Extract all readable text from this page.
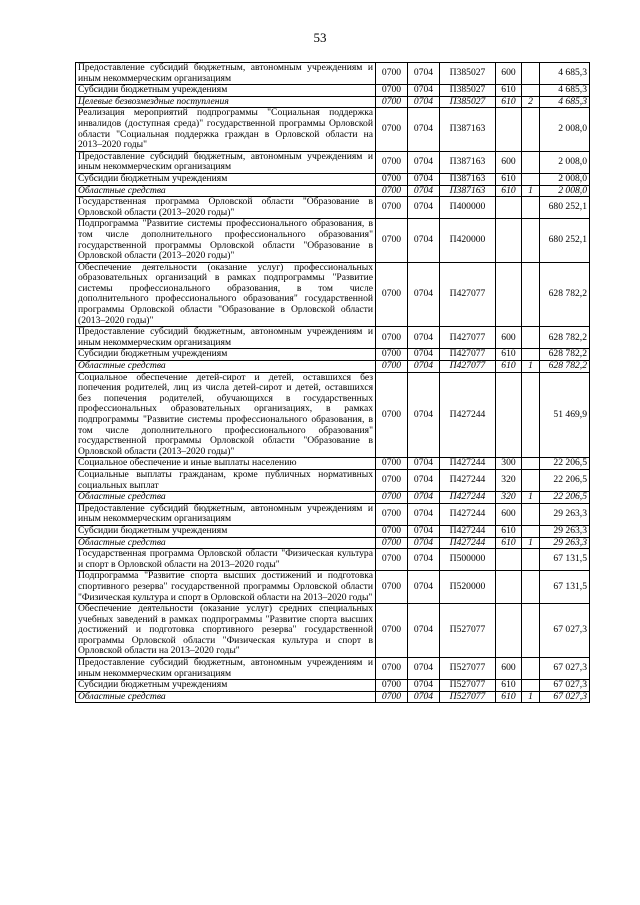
53
Предоставление субсидий бюджетным, автономным учреждениям и иным некоммерческим организациям	0700	0704	П385027	600		4 685,3
Субсидии бюджетным учреждениям	0700	0704	П385027	610		4 685,3
Целевые безвозмездные поступления	0700	0704	П385027	610	2	4 685,3
Реализация мероприятий подпрограммы "Социальная поддержка инвалидов (доступная среда)" государственной программы Орловской области "Социальная поддержка граждан в Орловской области на 2013–2020 годы"	0700	0704	П387163			2 008,0
Предоставление субсидий бюджетным, автономным учреждениям и иным некоммерческим организациям	0700	0704	П387163	600		2 008,0
Субсидии бюджетным учреждениям	0700	0704	П387163	610		2 008,0
Областные средства	0700	0704	П387163	610	1	2 008,0
Государственная программа Орловской области "Образование в Орловской области (2013–2020 годы)"	0700	0704	П400000			680 252,1
Подпрограмма "Развитие системы профессионального образования, в том числе дополнительного профессионального образования" государственной программы Орловской области "Образование в Орловской области (2013–2020 годы)"	0700	0704	П420000			680 252,1
Обеспечение деятельности (оказание услуг) профессиональных образовательных организаций в рамках подпрограммы "Развитие системы профессионального образования, в том числе дополнительного профессионального образования" государственной программы Орловской области "Образование в Орловской области (2013–2020 годы)"	0700	0704	П427077			628 782,2
Предоставление субсидий бюджетным, автономным учреждениям и иным некоммерческим организациям	0700	0704	П427077	600		628 782,2
Субсидии бюджетным учреждениям	0700	0704	П427077	610		628 782,2
Областные средства	0700	0704	П427077	610	1	628 782,2
Социальное обеспечение детей-сирот и детей, оставшихся без попечения родителей, лиц из числа детей-сирот и детей, оставшихся без попечения родителей, обучающихся в государственных профессиональных образовательных организациях, в рамках подпрограммы "Развитие системы профессионального образования, в том числе дополнительного профессионального образования" государственной программы Орловской области "Образование в Орловской области (2013–2020 годы)"	0700	0704	П427244			51 469,9
Социальное обеспечение и иные выплаты населению	0700	0704	П427244	300		22 206,5
Социальные выплаты гражданам, кроме публичных нормативных социальных выплат	0700	0704	П427244	320		22 206,5
Областные средства	0700	0704	П427244	320	1	22 206,5
Предоставление субсидий бюджетным, автономным учреждениям и иным некоммерческим организациям	0700	0704	П427244	600		29 263,3
Субсидии бюджетным учреждениям	0700	0704	П427244	610		29 263,3
Областные средства	0700	0704	П427244	610	1	29 263,3
Государственная программа Орловской области "Физическая культура и спорт в Орловской области на 2013–2020 годы"	0700	0704	П500000			67 131,5
Подпрограмма "Развитие спорта высших достижений и подготовка спортивного резерва" государственной программы Орловской области "Физическая культура и спорт в Орловской области на 2013–2020 годы"	0700	0704	П520000			67 131,5
Обеспечение деятельности (оказание услуг) средних специальных учебных заведений в рамках подпрограммы "Развитие спорта высших достижений и подготовка спортивного резерва" государственной программы Орловской области "Физическая культура и спорт в Орловской области на 2013–2020 годы"	0700	0704	П527077			67 027,3
Предоставление субсидий бюджетным, автономным учреждениям и иным некоммерческим организациям	0700	0704	П527077	600		67 027,3
Субсидии бюджетным учреждениям	0700	0704	П527077	610		67 027,3
Областные средства	0700	0704	П527077	610	1	67 027,3
